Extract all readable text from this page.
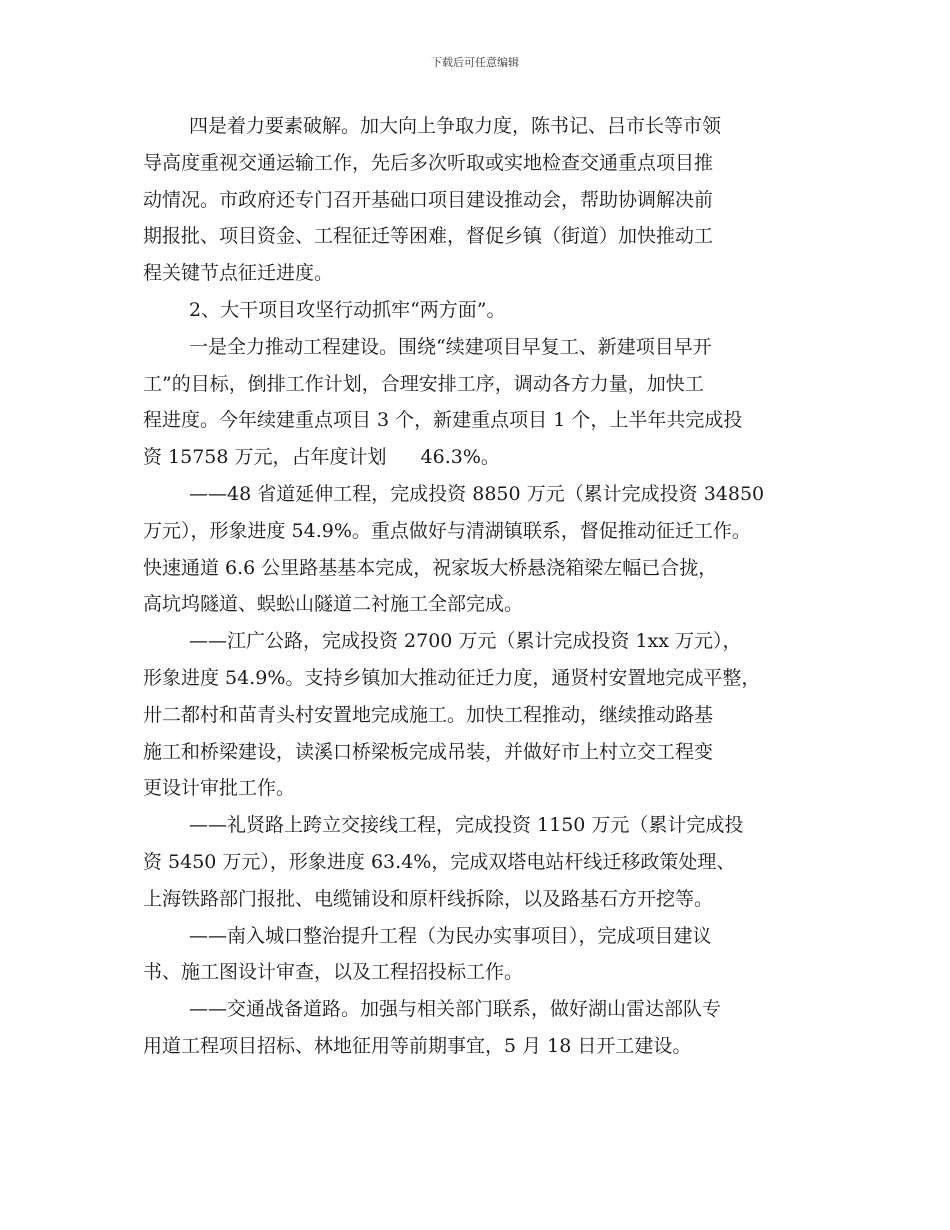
下载后可任意编辑
四是着力要素破解。加大向上争取力度，陈书记、吕市长等市领
导高度重视交通运输工作，先后多次听取或实地检查交通重点项目推
动情况。市政府还专门召开基础口项目建设推动会，帮助协调解决前
期报批、项目资金、工程征迁等困难，督促乡镇（街道）加快推动工
程关键节点征迁进度。
2、大干项目攻坚行动抓牢“两方面”。
一是全力推动工程建设。围绕“续建项目早复工、新建项目早开
工”的目标，倒排工作计划，合理安排工序，调动各方力量，加快工
程进度。今年续建重点项目 3 个，新建重点项目 1 个，上半年共完成投
资 15758 万元，占年度计划 46.3%。
——48 省道延伸工程，完成投资 8850 万元（累计完成投资 34850
万元），形象进度 54.9%。重点做好与清湖镇联系，督促推动征迁工作。
快速通道 6.6 公里路基基本完成，祝家坂大桥悬浇箱梁左幅已合拢，
高坑坞隧道、蜈蚣山隧道二衬施工全部完成。
——江广公路，完成投资 2700 万元（累计完成投资 1xx 万元），
形象进度 54.9%。支持乡镇加大推动征迁力度，通贤村安置地完成平整，
卅二都村和苗青头村安置地完成施工。加快工程推动，继续推动路基
施工和桥梁建设，读溪口桥梁板完成吊装，并做好市上村立交工程变
更设计审批工作。
——礼贤路上跨立交接线工程，完成投资 1150 万元（累计完成投
资 5450 万元），形象进度 63.4%，完成双塔电站杆线迁移政策处理、
上海铁路部门报批、电缆铺设和原杆线拆除，以及路基石方开挖等。
——南入城口整治提升工程（为民办实事项目），完成项目建议
书、施工图设计审查，以及工程招投标工作。
——交通战备道路。加强与相关部门联系，做好湖山雷达部队专
用道工程项目招标、林地征用等前期事宜，5 月 18 日开工建设。
